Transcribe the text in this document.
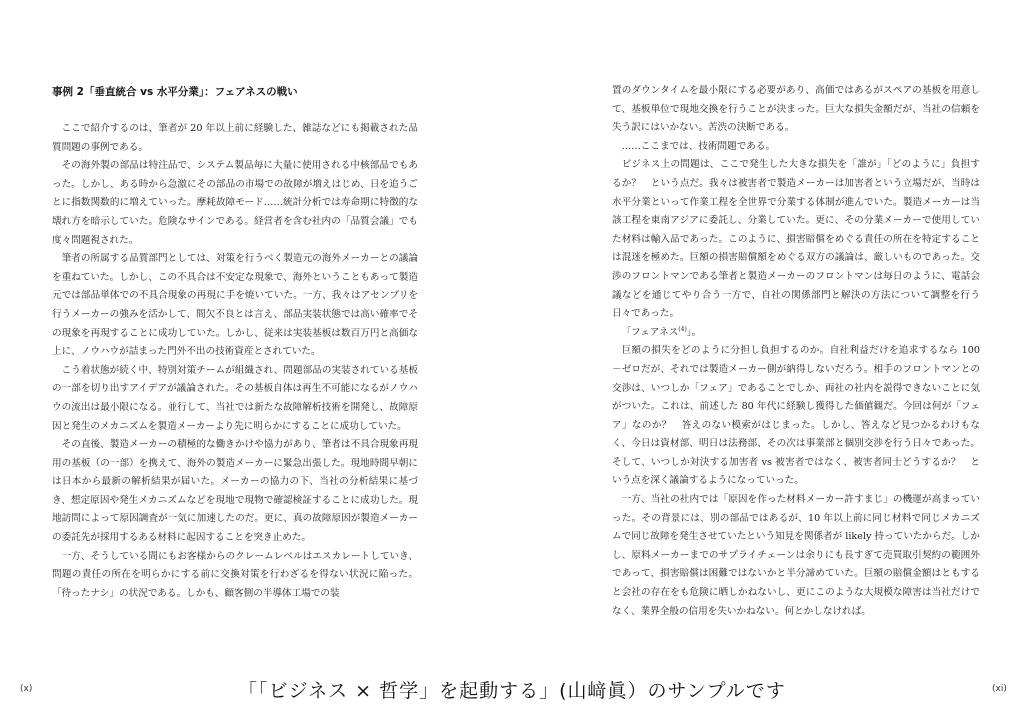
事例 2「垂直統合 vs 水平分業」：フェアネスの戦い

ここで紹介するのは、筆者が 20 年以上前に経験した、雑誌などにも掲載された品質問題の事例である。

その海外製の部品は特注品で、システム製品毎に大量に使用される中核部品でもあった。しかし、ある時から急激にその部品の市場での故障が増えはじめ、日を追うごとに指数関数的に増えていった。摩耗故障モード……統計分析では寿命期に特徴的な壊れ方を暗示していた。危険なサインである。経営者を含む社内の「品質会議」でも度々問題視された。

筆者の所属する品質部門としては、対策を行うべく製造元の海外メーカーとの議論を重ねていた。しかし、この不具合は不安定な現象で、海外ということもあって製造元では部品単体での不具合現象の再現に手を焼いていた。一方、我々はアセンブリを行うメーカーの強みを活かして、間欠不良とは言え、部品実装状態では高い確率でその現象を再現することに成功していた。しかし、従来は実装基板は数百万円と高価な上に、ノウハウが詰まった門外不出の技術資産とされていた。

こう着状態が続く中、特別対策チームが組織され、問題部品の実装されている基板の一部を切り出すアイデアが議論された。その基板自体は再生不可能になるがノウハウの流出は最小限になる。並行して、当社では新たな故障解析技術を開発し、故障原因と発生のメカニズムを製造メーカーより先に明らかにすることに成功していた。

その直後、製造メーカーの積極的な働きかけや協力があり、筆者は不具合現象再現用の基板（の一部）を携えて、海外の製造メーカーに緊急出張した。現地時間早朝には日本から最新の解析結果が届いた。メーカーの協力の下、当社の分析結果に基づき、想定原因や発生メカニズムなどを現地で現物で確認検証することに成功した。現地訪問によって原因調査が一気に加速したのだ。更に、真の故障原因が製造メーカーの委託先が採用するある材料に起因することを突き止めた。

一方、そうしている間にもお客様からのクレームレベルはエスカレートしていき、問題の責任の所在を明らかにする前に交換対策を行わざるを得ない状況に陥った。「待ったナシ」の状況である。しかも、顧客側の半導体工場での装

置のダウンタイムを最小限にする必要があり、高価ではあるがスペアの基板を用意して、基板単位で現地交換を行うことが決まった。巨大な損失金額だが、当社の信頼を失う訳にはいかない。苦渋の決断である。

……ここまでは、技術問題である。

ビジネス上の問題は、ここで発生した大きな損失を「誰が」「どのように」負担するか？　という点だ。我々は被害者で製造メーカーは加害者という立場だが、当時は水平分業といって作業工程を全世界で分業する体制が進んでいた。製造メーカーは当該工程を東南アジアに委託し、分業していた。更に、その分業メーカーで使用していた材料は輸入品であった。このように、損害賠償をめぐる責任の所在を特定することは混迷を極めた。巨額の損害賠償額をめぐる双方の議論は、厳しいものであった。交渉のフロントマンである筆者と製造メーカーのフロントマンは毎日のように、電話会議などを通じてやり合う一方で、自社の関係部門と解決の方法について調整を行う日々であった。

「フェアネス$^{(4)}$」。

巨額の損失をどのように分担し負担するのか。自社利益だけを追求するなら 100 －ゼロだが、それでは製造メーカー側が納得しないだろう。相手のフロントマンとの交渉は、いつしか「フェア」であることでしか、両社の社内を説得できないことに気がついた。これは、前述した 80 年代に経験し獲得した価値観だ。今回は何が「フェア」なのか？　答えのない模索がはじまった。しかし、答えなど見つかるわけもなく、今日は資材部、明日は法務部、その次は事業部と個別交渉を行う日々であった。そして、いつしか対決する加害者 vs 被害者ではなく、被害者同士どうするか？　という点を深く議論するようになっていった。

一方、当社の社内では「原因を作った材料メーカー許すまじ」の機運が高まっていった。その背景には、別の部品ではあるが、10 年以上前に同じ材料で同じメカニズムで同じ故障を発生させていたという知見を関係者が likely 持っていたからだ。しかし、原料メーカーまでのサプライチェーンは余りにも長すぎて売買取引契約の範囲外であって、損害賠償は困難ではないかと半分諦めていた。巨額の賠償金額はともすると会社の存在をも危険に晒しかねないし、更にこのような大規模な障害は当社だけでなく、業界全般の信用を失いかねない。何とかしなければ。

(x)	(xi)
「「ビジネス × 哲学」を起動する」(山﨑眞）のサンプルです
